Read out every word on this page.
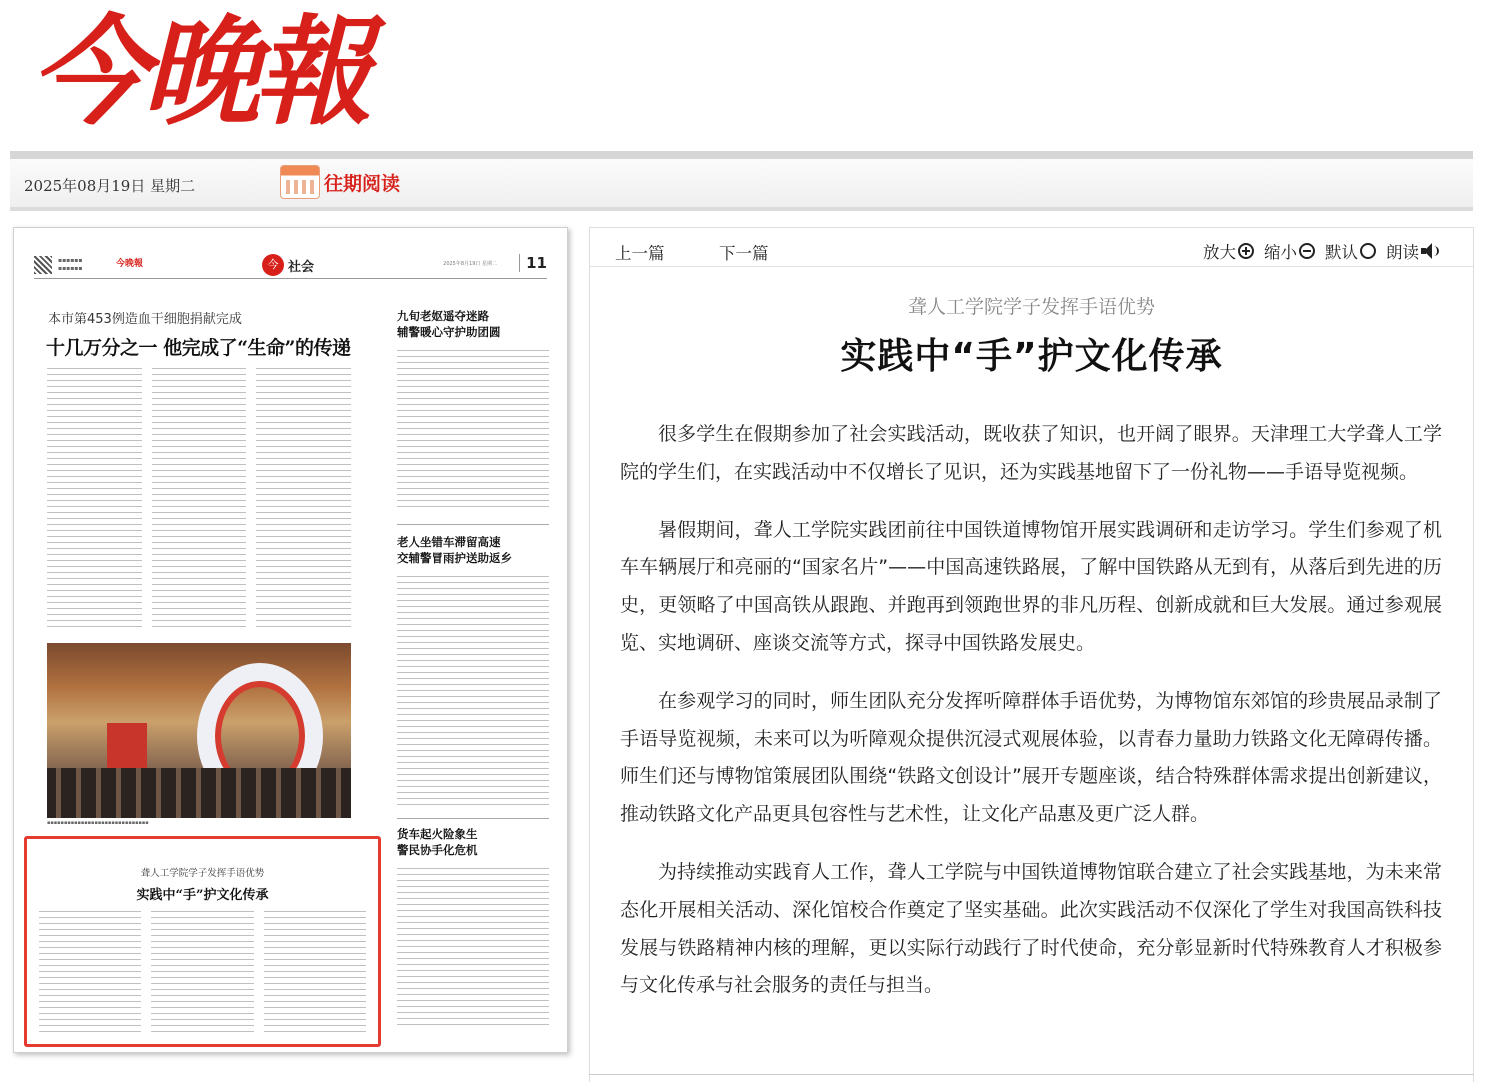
今晚報
2025年08月19日 星期二	往期阅读
▪▪▪▪▪▪
▪▪▪▪▪▪	今晚報	今 社会	2025年8月19日 星期二	11
本市第453例造血干细胞捐献完成
十几万分之一 他完成了“生命”的传递
九旬老妪遥夺迷路
辅警暖心守护助团圆
老人坐错车滞留高速
交辅警冒雨护送助返乡
货车起火险象生
警民协手化危机
▪▪▪▪▪▪▪▪▪▪▪▪▪▪▪▪▪▪▪▪▪▪▪▪▪▪▪▪▪▪
聋人工学院学子发挥手语优势
实践中“手”护文化传承
上一篇	下一篇	放大 缩小 默认 朗读
聋人工学院学子发挥手语优势
实践中“手”护文化传承

很多学生在假期参加了社会实践活动，既收获了知识，也开阔了眼界。天津理工大学聋人工学院的学生们，在实践活动中不仅增长了见识，还为实践基地留下了一份礼物——手语导览视频。

暑假期间，聋人工学院实践团前往中国铁道博物馆开展实践调研和走访学习。学生们参观了机车车辆展厅和亮丽的“国家名片”——中国高速铁路展，了解中国铁路从无到有，从落后到先进的历史，更领略了中国高铁从跟跑、并跑再到领跑世界的非凡历程、创新成就和巨大发展。通过参观展览、实地调研、座谈交流等方式，探寻中国铁路发展史。

在参观学习的同时，师生团队充分发挥听障群体手语优势，为博物馆东郊馆的珍贵展品录制了手语导览视频，未来可以为听障观众提供沉浸式观展体验，以青春力量助力铁路文化无障碍传播。师生们还与博物馆策展团队围绕“铁路文创设计”展开专题座谈，结合特殊群体需求提出创新建议，推动铁路文化产品更具包容性与艺术性，让文化产品惠及更广泛人群。

为持续推动实践育人工作，聋人工学院与中国铁道博物馆联合建立了社会实践基地，为未来常态化开展相关活动、深化馆校合作奠定了坚实基础。此次实践活动不仅深化了学生对我国高铁科技发展与铁路精神内核的理解，更以实际行动践行了时代使命，充分彰显新时代特殊教育人才积极参与文化传承与社会服务的责任与担当。
